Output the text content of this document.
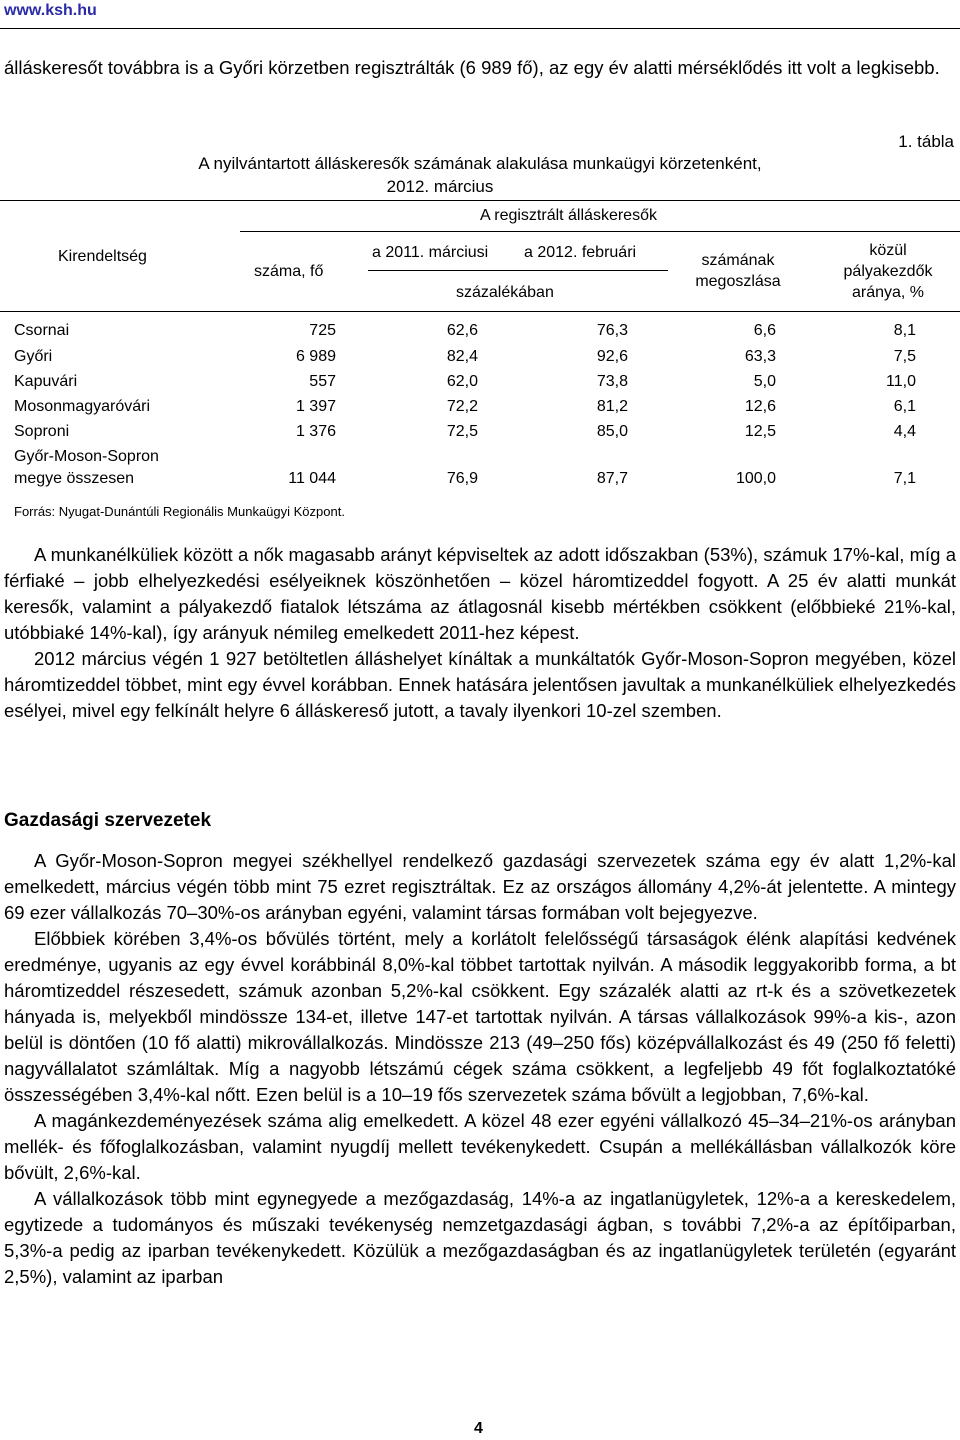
www.ksh.hu
álláskeresőt továbbra is a Győri körzetben regisztrálták (6 989 fő), az egy év alatti mérséklődés itt volt a legkisebb.
1. tábla
A nyilvántartott álláskeresők számának alakulása munkaügyi körzetenként,
2012. március
A regisztrált álláskeresők
Kirendeltség
száma, fő
a 2011. márciusi a 2012. februári
százalékában
számának
megoszlása
közül
pályakezdők
aránya, %
Csornai	725	62,6	76,3	6,6	8,1
Győri	6 989	82,4	92,6	63,3	7,5
Kapuvári	557	62,0	73,8	5,0	11,0
Mosonmagyaróvári	1 397	72,2	81,2	12,6	6,1
Soproni	1 376	72,5	85,0	12,5	4,4
Győr-Moson-Sopron
megye összesen	11 044	76,9	87,7	100,0	7,1
Forrás: Nyugat-Dunántúli Regionális Munkaügyi Központ.

A munkanélküliek között a nők magasabb arányt képviseltek az adott időszakban (53%), számuk 17%-kal, míg a férfiaké – jobb elhelyezkedési esélyeiknek köszönhetően – közel háromtizeddel fogyott. A 25 év alatti munkát keresők, valamint a pályakezdő fiatalok létszáma az átlagosnál kisebb mértékben csökkent (előbbieké 21%-kal, utóbbiaké 14%-kal), így arányuk némileg emelkedett 2011-hez képest.

2012 március végén 1 927 betöltetlen álláshelyet kínáltak a munkáltatók Győr-Moson-Sopron megyében, közel háromtizeddel többet, mint egy évvel korábban. Ennek hatására jelentősen javultak a munkanélküliek elhelyezkedés esélyei, mivel egy felkínált helyre 6 álláskereső jutott, a tavaly ilyenkori 10-zel szemben.

Gazdasági szervezetek

A Győr-Moson-Sopron megyei székhellyel rendelkező gazdasági szervezetek száma egy év alatt 1,2%-kal emelkedett, március végén több mint 75 ezret regisztráltak. Ez az országos állomány 4,2%-át jelentette. A mintegy 69 ezer vállalkozás 70–30%-os arányban egyéni, valamint társas formában volt bejegyezve.

Előbbiek körében 3,4%-os bővülés történt, mely a korlátolt felelősségű társaságok élénk alapítási kedvének eredménye, ugyanis az egy évvel korábbinál 8,0%-kal többet tartottak nyilván. A második leggyakoribb forma, a bt háromtizeddel részesedett, számuk azonban 5,2%-kal csökkent. Egy százalék alatti az rt-k és a szövetkezetek hányada is, melyekből mindössze 134-et, illetve 147-et tartottak nyilván. A társas vállalkozások 99%-a kis-, azon belül is döntően (10 fő alatti) mikrovállalkozás. Mindössze 213 (49–250 fős) középvállalkozást és 49 (250 fő feletti) nagyvállalatot számláltak. Míg a nagyobb létszámú cégek száma csökkent, a legfeljebb 49 főt foglalkoztatóké összességében 3,4%-kal nőtt. Ezen belül is a 10–19 fős szervezetek száma bővült a legjobban, 7,6%-kal.

A magánkezdeményezések száma alig emelkedett. A közel 48 ezer egyéni vállalkozó 45–34–21%-os arányban mellék- és főfoglalkozásban, valamint nyugdíj mellett tevékenykedett. Csupán a mellékállásban vállalkozók köre bővült, 2,6%-kal.

A vállalkozások több mint egynegyede a mezőgazdaság, 14%-a az ingatlanügyletek, 12%-a a kereskedelem, egytizede a tudományos és műszaki tevékenység nemzetgazdasági ágban, s további 7,2%-a az építőiparban, 5,3%-a pedig az iparban tevékenykedett. Közülük a mezőgazdaságban és az ingatlanügyletek területén (egyaránt 2,5%), valamint az iparban

4
